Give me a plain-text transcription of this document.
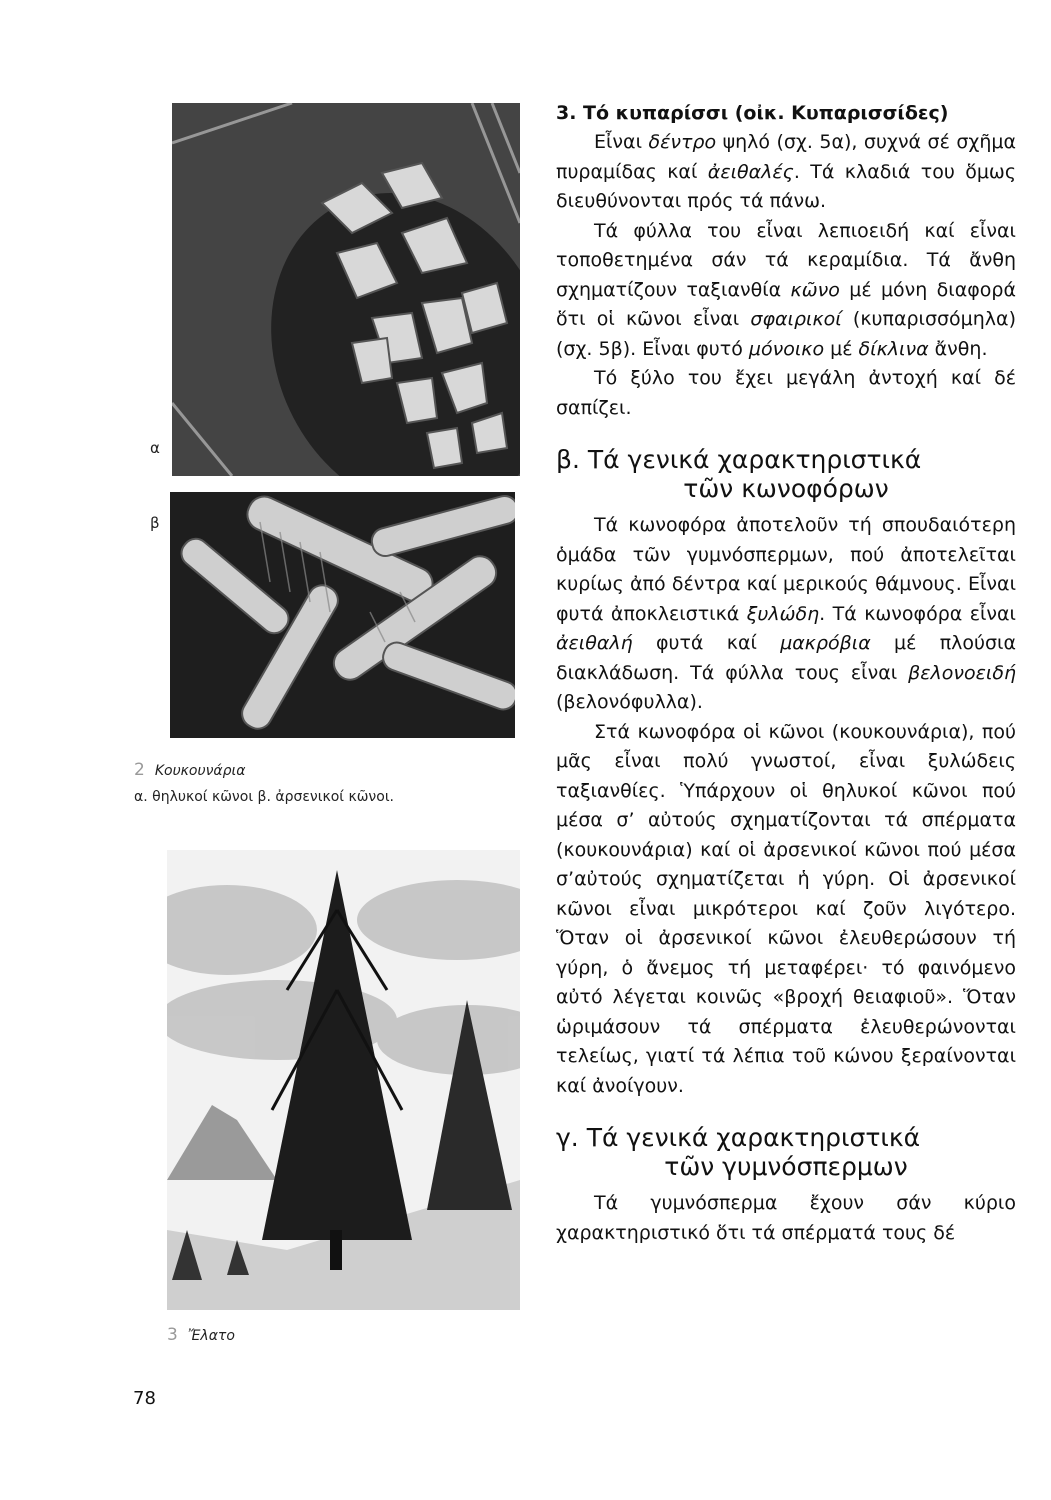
α
β
2 Κουκουνάρια
α. θηλυκοί κῶνοι β. ἀρσενικοί κῶνοι.
3 Ἔλατο

3. Τό κυπαρίσσι (οἰκ. Κυπαρισσίδες)

Εἶναι δέντρο ψηλό (σχ. 5α), συχνά σέ σχῆμα πυραμίδας καί ἀειθαλές. Τά κλαδιά του ὅμως διευθύνονται πρός τά πάνω.

Τά φύλλα του εἶναι λεπιοειδή καί εἶναι τοποθετημένα σάν τά κεραμίδια. Τά ἄνθη σχηματίζουν ταξιανθία κῶνο μέ μόνη διαφορά ὅτι οἱ κῶνοι εἶναι σφαιρικοί (κυπαρισσόμηλα) (σχ. 5β). Εἶναι φυτό μόνοικο μέ δίκλινα ἄνθη.

Τό ξύλο του ἔχει μεγάλη ἀντοχή καί δέ σαπίζει.

β. Τά γενικά χαρακτηριστικά
τῶν κωνοφόρων

Τά κωνοφόρα ἀποτελοῦν τή σπουδαιότερη ὁμάδα τῶν γυμνόσπερμων, πού ἀποτελεῖται κυρίως ἀπό δέντρα καί μερικούς θάμνους. Εἶναι φυτά ἀποκλειστικά ξυλώδη. Τά κωνοφόρα εἶναι ἀειθαλή φυτά καί μακρόβια μέ πλούσια διακλάδωση. Τά φύλλα τους εἶναι βελονοειδή (βελονόφυλλα).

Στά κωνοφόρα οἱ κῶνοι (κουκουνάρια), πού μᾶς εἶναι πολύ γνωστοί, εἶναι ξυλώδεις ταξιανθίες. Ὑπάρχουν οἱ θηλυκοί κῶνοι πού μέσα σ’ αὐτούς σχηματίζονται τά σπέρματα (κουκουνάρια) καί οἱ ἀρσενικοί κῶνοι πού μέσα σ’αὐτούς σχηματίζεται ἡ γύρη. Οἱ ἀρσενικοί κῶνοι εἶναι μικρότεροι καί ζοῦν λιγότερο. Ὅταν οἱ ἀρσενικοί κῶνοι ἐλευθερώσουν τή γύρη, ὁ ἄνεμος τή μεταφέρει· τό φαινόμενο αὐτό λέγεται κοινῶς «βροχή θειαφιοῦ». Ὅταν ὡριμάσουν τά σπέρματα ἐλευθερώνονται τελείως, γιατί τά λέπια τοῦ κώνου ξεραίνονται καί ἀνοίγουν.

γ. Τά γενικά χαρακτηριστικά
τῶν γυμνόσπερμων

Τά γυμνόσπερμα ἔχουν σάν κύριο χαρακτηριστικό ὅτι τά σπέρματά τους δέ

78
